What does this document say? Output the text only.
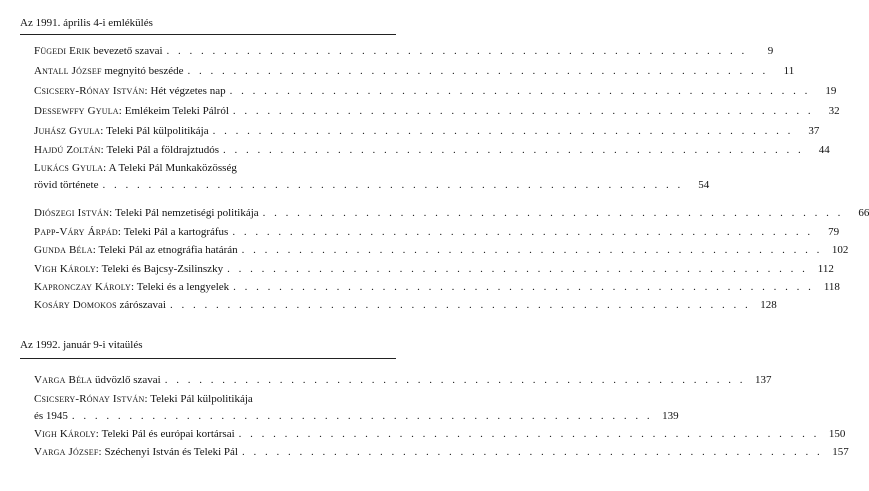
Az 1991. április 4-i emlékülés
Fügedi Erik bevezető szavai . . . . . . . . . . . . . . . . . . . . . . . . . . . . . . . . . . . . . . . . . . . . . . . . . . .	9
Antall József megnyitó beszéde . . . . . . . . . . . . . . . . . . . . . . . . . . . . . . . . . . . . . . . . . . . . . . . . . . .	11
Csicsery-Rónay István: Hét végzetes nap . . . . . . . . . . . . . . . . . . . . . . . . . . . . . . . . . . . . . . . . . . . . . . . . . . .	19
Dessewffy Gyula: Emlékeim Teleki Pálról . . . . . . . . . . . . . . . . . . . . . . . . . . . . . . . . . . . . . . . . . . . . . . . . . . .	32
Juhász Gyula: Teleki Pál külpolitikája . . . . . . . . . . . . . . . . . . . . . . . . . . . . . . . . . . . . . . . . . . . . . . . . . . .	37
Hajdú Zoltán: Teleki Pál a földrajztudós . . . . . . . . . . . . . . . . . . . . . . . . . . . . . . . . . . . . . . . . . . . . . . . . . . .	44
Lukács Gyula: A Teleki Pál Munkaközösség
rövid története . . . . . . . . . . . . . . . . . . . . . . . . . . . . . . . . . . . . . . . . . . . . . . . . . . .	54
Diószegi István: Teleki Pál nemzetiségi politikája . . . . . . . . . . . . . . . . . . . . . . . . . . . . . . . . . . . . . . . . . . . . . . . . . . .	66
Papp-Váry Árpád: Teleki Pál a kartográfus . . . . . . . . . . . . . . . . . . . . . . . . . . . . . . . . . . . . . . . . . . . . . . . . . . .	79
Gunda Béla: Teleki Pál az etnográfia határán . . . . . . . . . . . . . . . . . . . . . . . . . . . . . . . . . . . . . . . . . . . . . . . . . . . 102
Vigh Károly: Teleki és Bajcsy-Zsilinszky . . . . . . . . . . . . . . . . . . . . . . . . . . . . . . . . . . . . . . . . . . . . . . . . . . . 112
Kapronczay Károly: Teleki és a lengyelek . . . . . . . . . . . . . . . . . . . . . . . . . . . . . . . . . . . . . . . . . . . . . . . . . . . 118
Kosáry Domokos zárószavai . . . . . . . . . . . . . . . . . . . . . . . . . . . . . . . . . . . . . . . . . . . . . . . . . . . 128
Az 1992. január 9-i vitaülés
Varga Béla üdvözlő szavai . . . . . . . . . . . . . . . . . . . . . . . . . . . . . . . . . . . . . . . . . . . . . . . . . . . 137
Csicsery-Rónay István: Teleki Pál külpolitikája
és 1945 . . . . . . . . . . . . . . . . . . . . . . . . . . . . . . . . . . . . . . . . . . . . . . . . . . . 139
Vigh Károly: Teleki Pál és európai kortársai . . . . . . . . . . . . . . . . . . . . . . . . . . . . . . . . . . . . . . . . . . . . . . . . . . . 150
Varga József: Széchenyi István és Teleki Pál . . . . . . . . . . . . . . . . . . . . . . . . . . . . . . . . . . . . . . . . . . . . . . . . . . . 157
